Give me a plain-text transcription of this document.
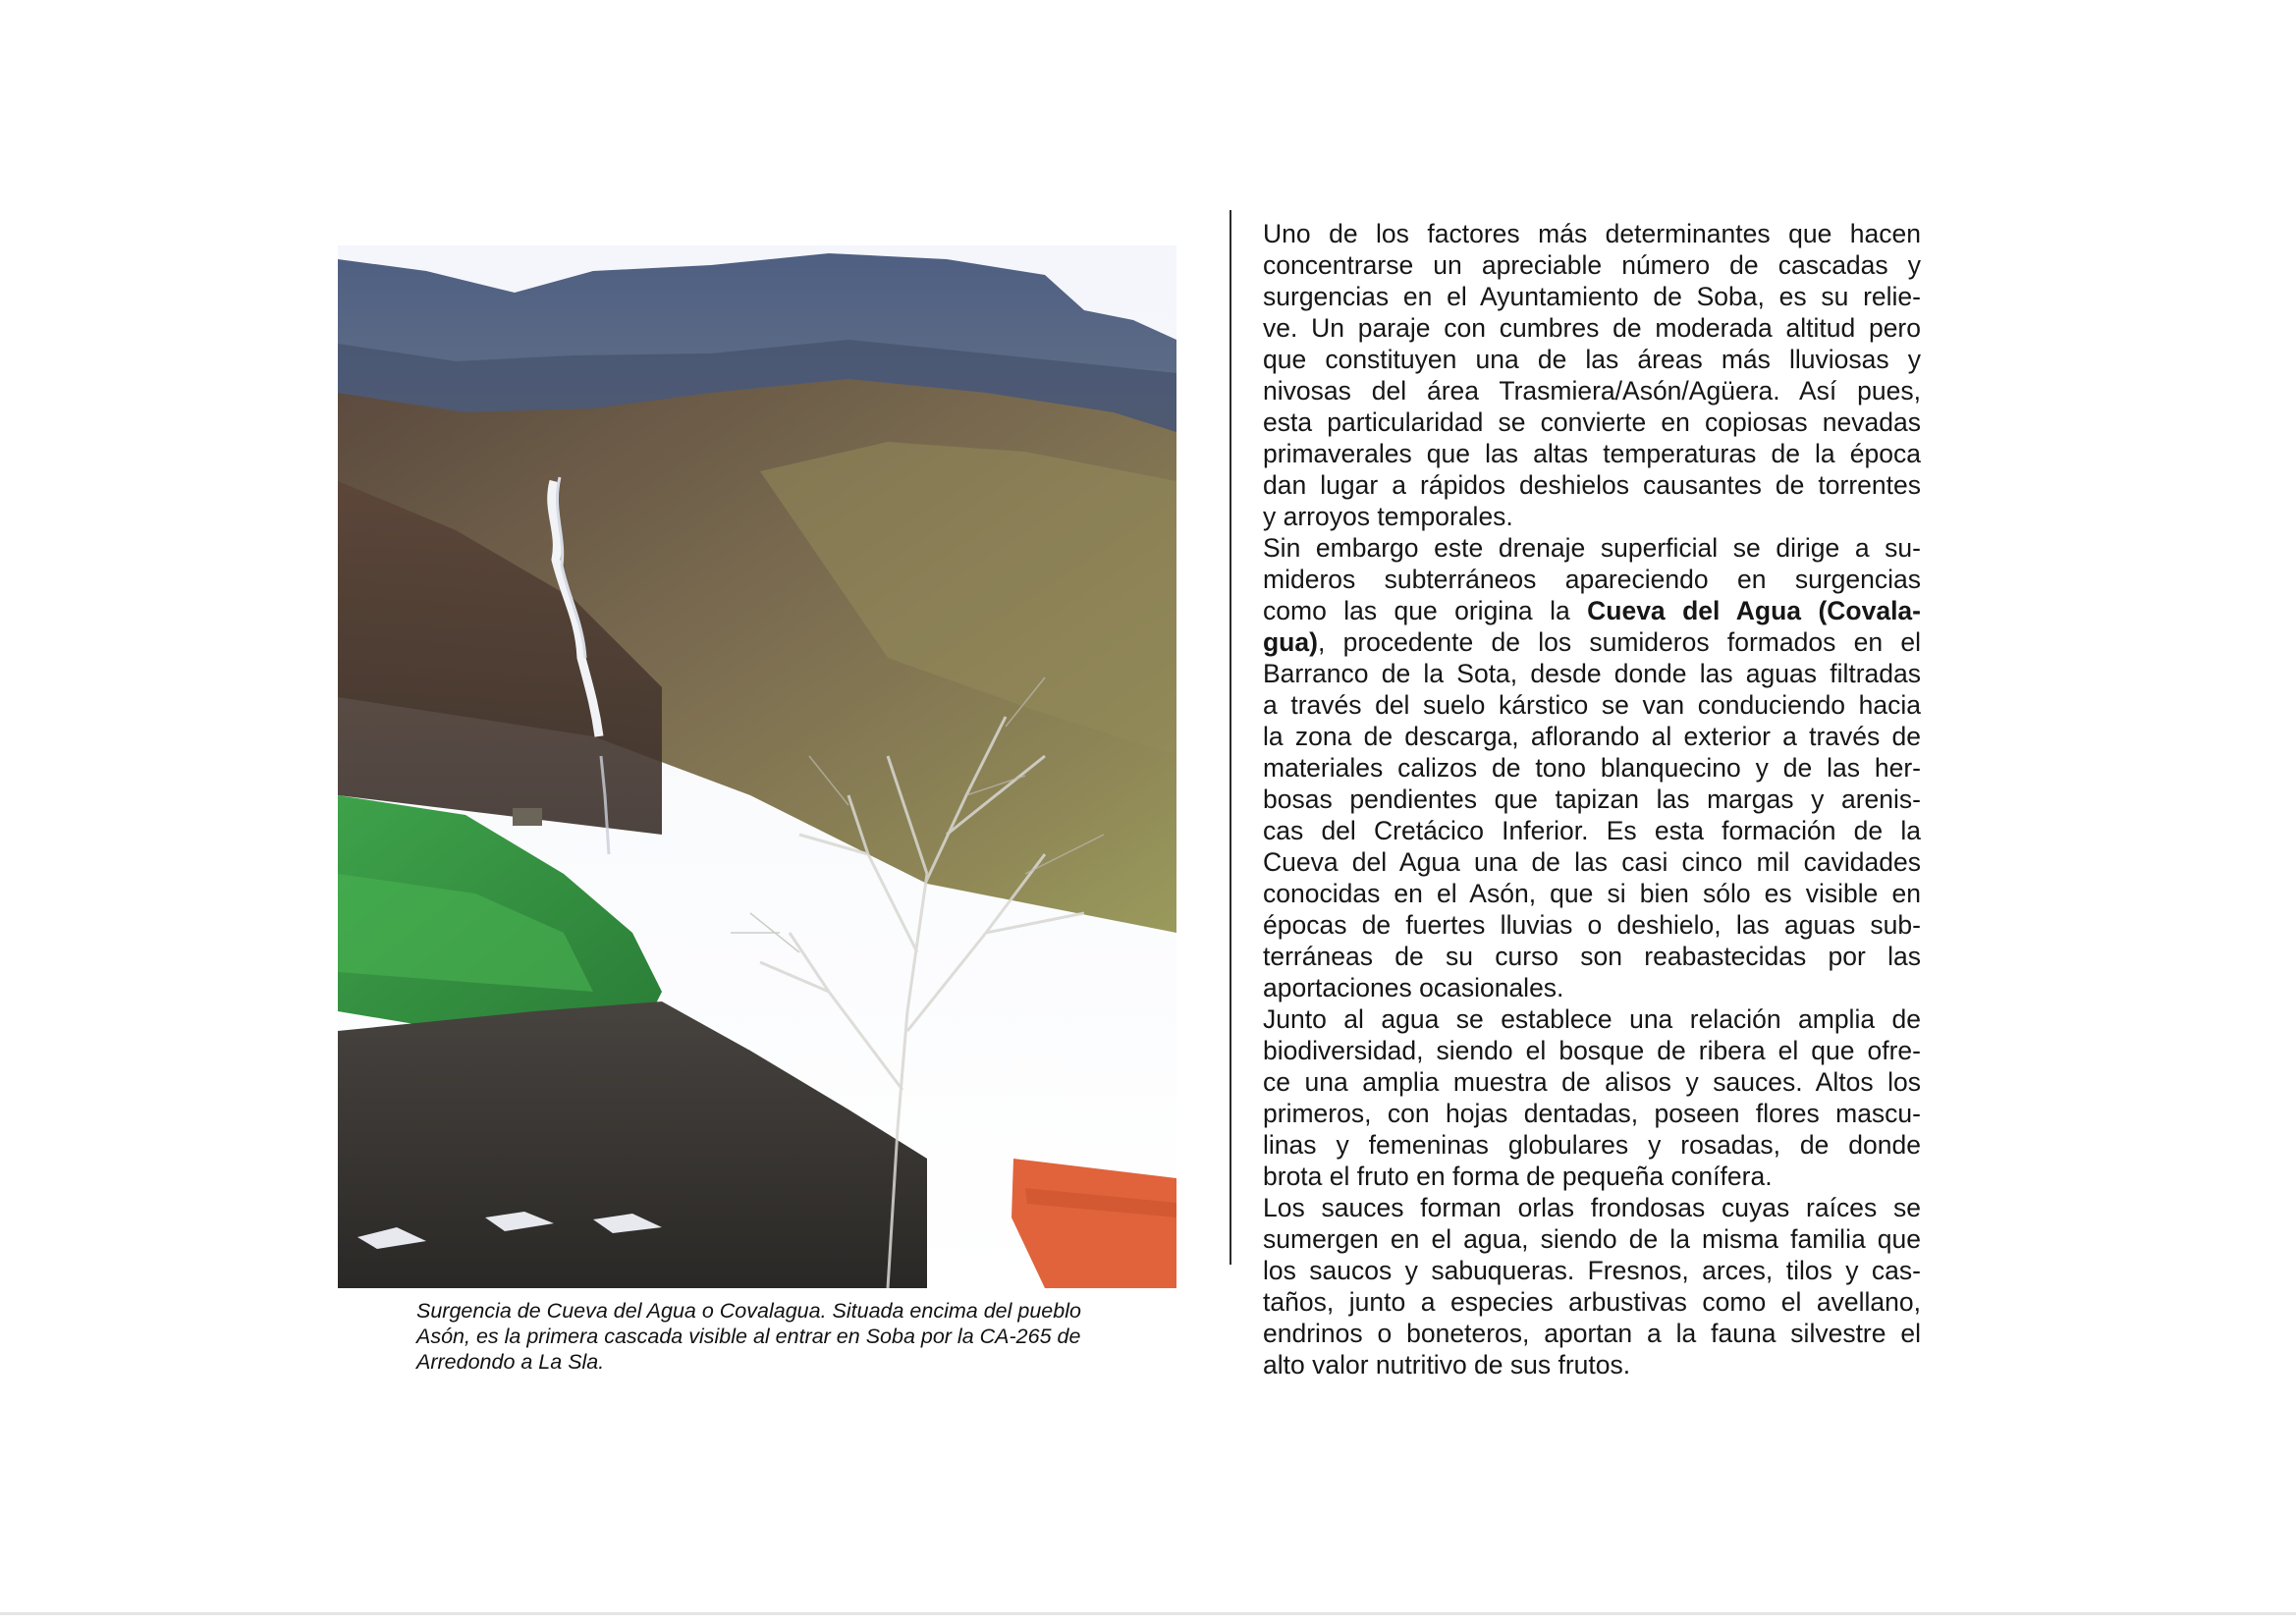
Surgencia de Cueva del Agua o Covalagua. Situada encima del pueblo
Asón, es la primera cascada visible al entrar en Soba por la CA-265 de
Arredondo a La Sla.
Uno de los factores más determinantes que hacen
concentrarse un apreciable número de cascadas y
surgencias en el Ayuntamiento de Soba, es su relie-
ve. Un paraje con cumbres de moderada altitud pero
que constituyen una de las áreas más lluviosas y
nivosas del área Trasmiera/Asón/Agüera. Así pues,
esta particularidad se convierte en copiosas nevadas
primaverales que las altas temperaturas de la época
dan lugar a rápidos deshielos causantes de torrentes
y arroyos temporales.
Sin embargo este drenaje superficial se dirige a su-
mideros subterráneos apareciendo en surgencias
como las que origina la Cueva del Agua (Covala-
gua), procedente de los sumideros formados en el
Barranco de la Sota, desde donde las aguas filtradas
a través del suelo kárstico se van conduciendo hacia
la zona de descarga, aflorando al exterior a través de
materiales calizos de tono blanquecino y de las her-
bosas pendientes que tapizan las margas y arenis-
cas del Cretácico Inferior. Es esta formación de la
Cueva del Agua una de las casi cinco mil cavidades
conocidas en el Asón, que si bien sólo es visible en
épocas de fuertes lluvias o deshielo, las aguas sub-
terráneas de su curso son reabastecidas por las
aportaciones ocasionales.
Junto al agua se establece una relación amplia de
biodiversidad, siendo el bosque de ribera el que ofre-
ce una amplia muestra de alisos y sauces. Altos los
primeros, con hojas dentadas, poseen flores mascu-
linas y femeninas globulares y rosadas, de donde
brota el fruto en forma de pequeña conífera.
Los sauces forman orlas frondosas cuyas raíces se
sumergen en el agua, siendo de la misma familia que
los saucos y sabuqueras. Fresnos, arces, tilos y cas-
taños, junto a especies arbustivas como el avellano,
endrinos o boneteros, aportan a la fauna silvestre el
alto valor nutritivo de sus frutos.
